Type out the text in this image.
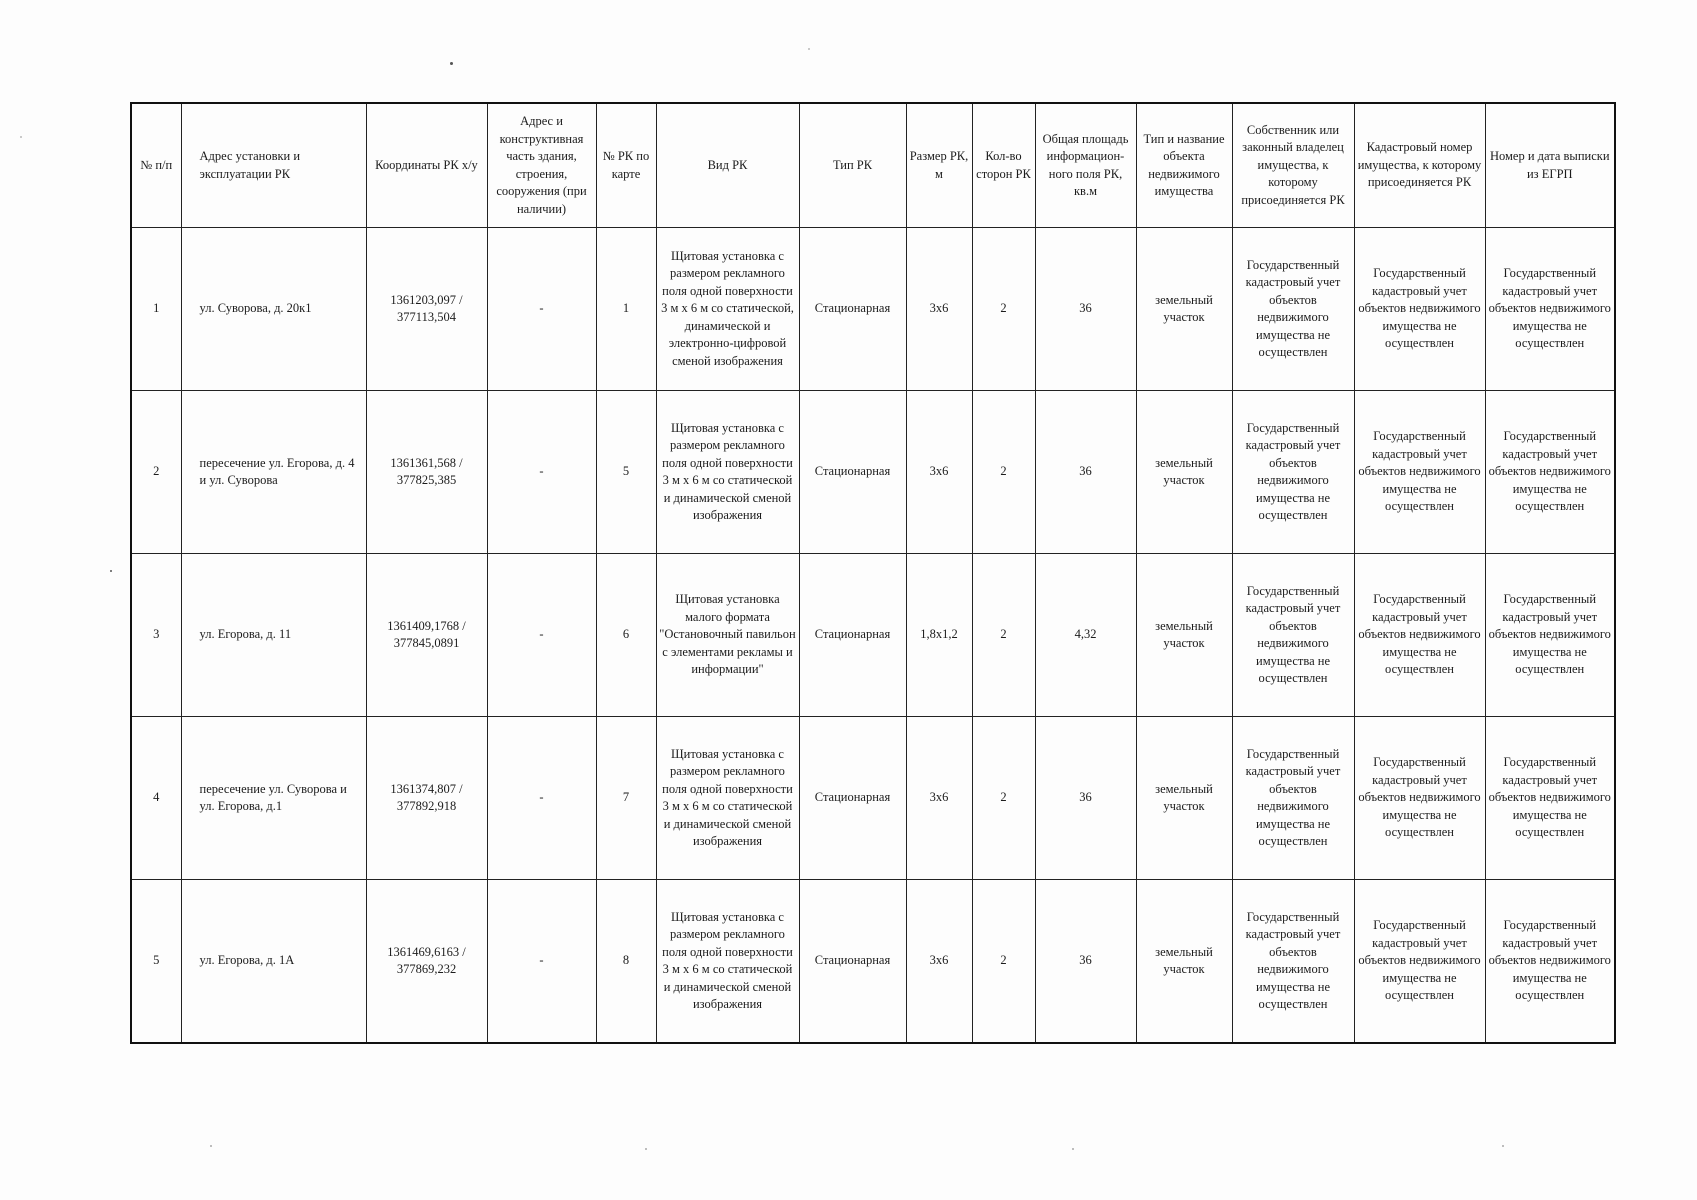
№ п/п	Адрес установки и эксплуатации РК	Координаты РК х/у	Адрес и конструктивная часть здания, строения, сооружения (при наличии)	№ РК по карте	Вид РК	Тип РК	Размер РК, м	Кол-во сторон РК	Общая площадь информацион-ного поля РК, кв.м	Тип и название объекта недвижимого имущества	Собственник или законный владелец имущества, к которому присоединяется РК	Кадастровый номер имущества, к которому присоединяется РК	Номер и дата выписки из ЕГРП
1	ул. Суворова, д. 20к1	1361203,097 / 377113,504	-	1	Щитовая установка с размером рекламного поля одной поверхности 3 м х 6 м со статической, динамической и электронно-цифровой сменой изображения	Стационарная	3х6	2	36	земельный участок	Государственный кадастровый учет объектов недвижимого имущества не осуществлен	Государственный кадастровый учет объектов недвижимого имущества не осуществлен	Государственный кадастровый учет объектов недвижимого имущества не осуществлен
2	пересечение ул. Егорова, д. 4 и ул. Суворова	1361361,568 / 377825,385	-	5	Щитовая установка с размером рекламного поля одной поверхности 3 м х 6 м со статической и динамической сменой изображения	Стационарная	3х6	2	36	земельный участок	Государственный кадастровый учет объектов недвижимого имущества не осуществлен	Государственный кадастровый учет объектов недвижимого имущества не осуществлен	Государственный кадастровый учет объектов недвижимого имущества не осуществлен
3	ул. Егорова, д. 11	1361409,1768 / 377845,0891	-	6	Щитовая установка малого формата "Остановочный павильон с элементами рекламы и информации"	Стационарная	1,8х1,2	2	4,32	земельный участок	Государственный кадастровый учет объектов недвижимого имущества не осуществлен	Государственный кадастровый учет объектов недвижимого имущества не осуществлен	Государственный кадастровый учет объектов недвижимого имущества не осуществлен
4	пересечение ул. Суворова и ул. Егорова, д.1	1361374,807 / 377892,918	-	7	Щитовая установка с размером рекламного поля одной поверхности 3 м х 6 м со статической и динамической сменой изображения	Стационарная	3х6	2	36	земельный участок	Государственный кадастровый учет объектов недвижимого имущества не осуществлен	Государственный кадастровый учет объектов недвижимого имущества не осуществлен	Государственный кадастровый учет объектов недвижимого имущества не осуществлен
5	ул. Егорова, д. 1А	1361469,6163 / 377869,232	-	8	Щитовая установка с размером рекламного поля одной поверхности 3 м х 6 м со статической и динамической сменой изображения	Стационарная	3х6	2	36	земельный участок	Государственный кадастровый учет объектов недвижимого имущества не осуществлен	Государственный кадастровый учет объектов недвижимого имущества не осуществлен	Государственный кадастровый учет объектов недвижимого имущества не осуществлен
